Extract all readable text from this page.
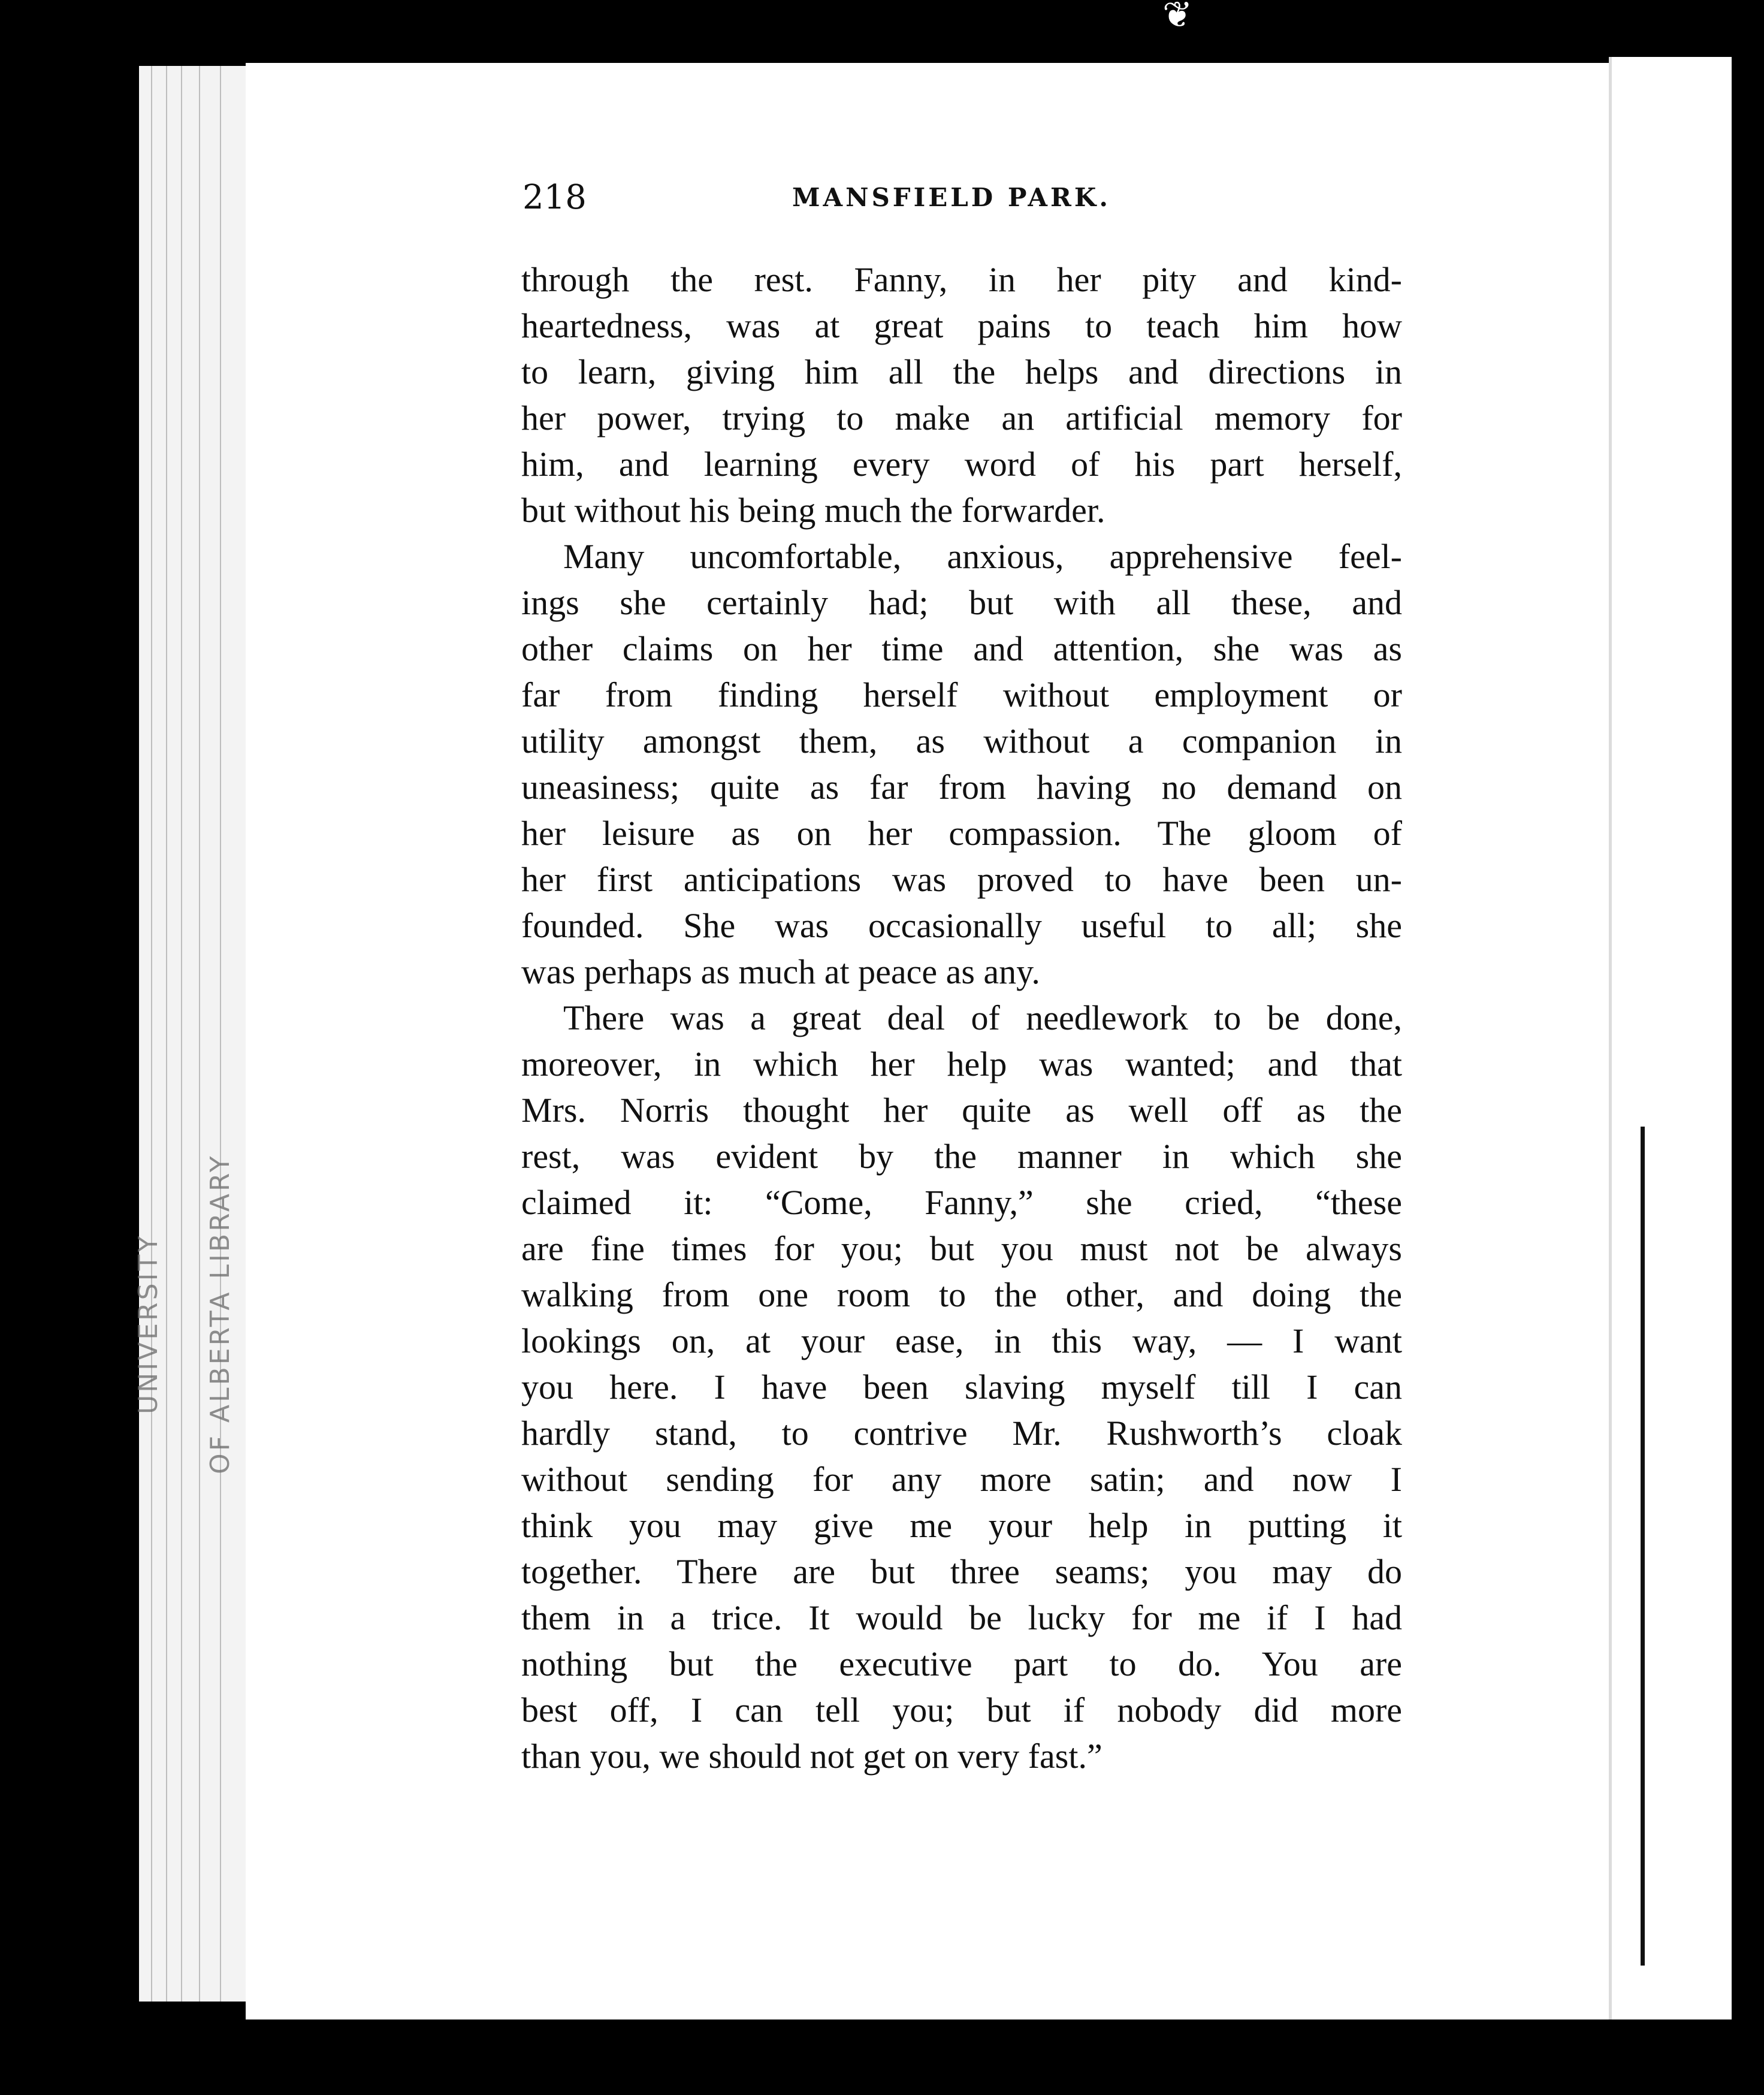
❦
UNIVERSITY OF ALBERTA LIBRARY
218	MANSFIELD PARK.
through the rest. Fanny, in her pity and kind-
heartedness, was at great pains to teach him how
to learn, giving him all the helps and directions in
her power, trying to make an artificial memory for
him, and learning every word of his part herself,
but without his being much the forwarder.
Many uncomfortable, anxious, apprehensive feel-
ings she certainly had; but with all these, and
other claims on her time and attention, she was as
far from finding herself without employment or
utility amongst them, as without a companion in
uneasiness; quite as far from having no demand on
her leisure as on her compassion. The gloom of
her first anticipations was proved to have been un-
founded. She was occasionally useful to all; she
was perhaps as much at peace as any.
There was a great deal of needlework to be done,
moreover, in which her help was wanted; and that
Mrs. Norris thought her quite as well off as the
rest, was evident by the manner in which she
claimed it: “Come, Fanny,” she cried, “these
are fine times for you; but you must not be always
walking from one room to the other, and doing the
lookings on, at your ease, in this way, — I want
you here. I have been slaving myself till I can
hardly stand, to contrive Mr. Rushworth’s cloak
without sending for any more satin; and now I
think you may give me your help in putting it
together. There are but three seams; you may do
them in a trice. It would be lucky for me if I had
nothing but the executive part to do. You are
best off, I can tell you; but if nobody did more
than you, we should not get on very fast.”
